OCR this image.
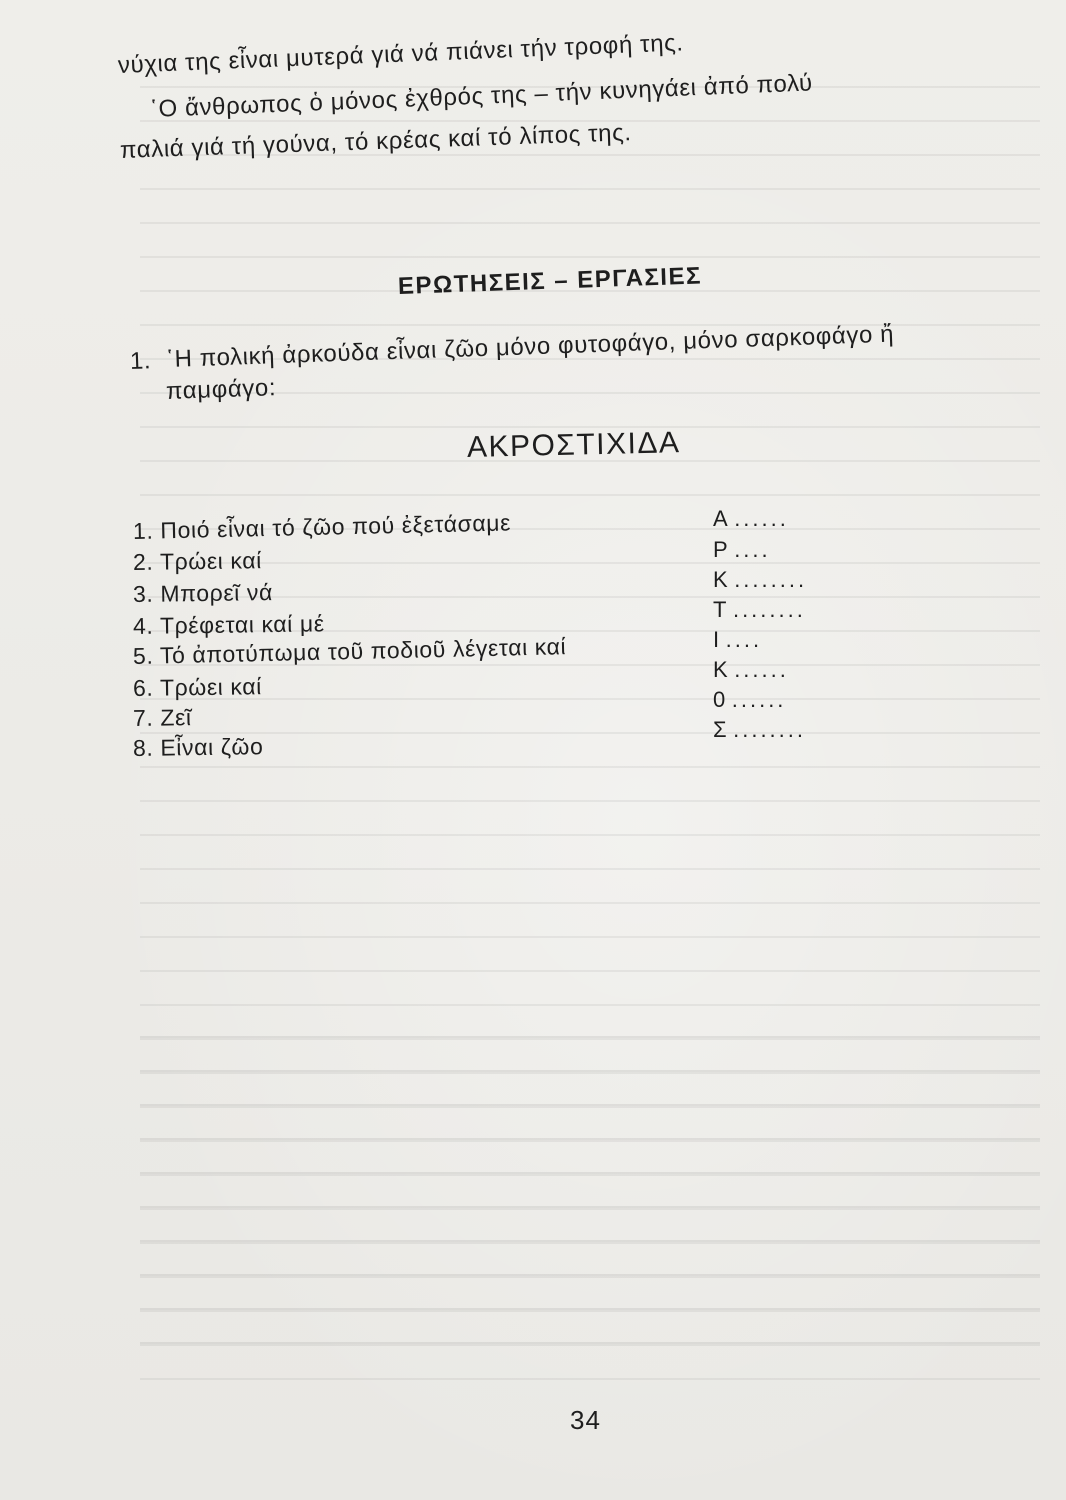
νύχια της εἶναι μυτερά γιά νά πιάνει τήν τροφή της.
῾Ο ἄνθρωπος ὁ μόνος ἐχθρός της – τήν κυνηγάει ἀπό πολύ
παλιά γιά τή γούνα, τό κρέας καί τό λίπος της.
ΕΡΩΤΗΣΕΙΣ – ΕΡΓΑΣΙΕΣ
1. ῾Η πολική ἀρκούδα εἶναι ζῶο μόνο φυτοφάγο, μόνο σαρκοφάγο ἤ
παμφάγο:
ΑΚΡΟΣΤΙΧΙΔΑ
1. Ποιό εἶναι τό ζῶο πού ἐξετάσαμε
2. Τρώει καί
3. Μπορεῖ νά
4. Τρέφεται καί μέ
5. Τό ἀποτύπωμα τοῦ ποδιοῦ λέγεται καί
6. Τρώει καί
7. Ζεῖ
8. Εἶναι ζῶο
Α ......
Ρ ....
Κ ........
Τ ........
Ι ....
Κ ......
0 ......
Σ ........
34
